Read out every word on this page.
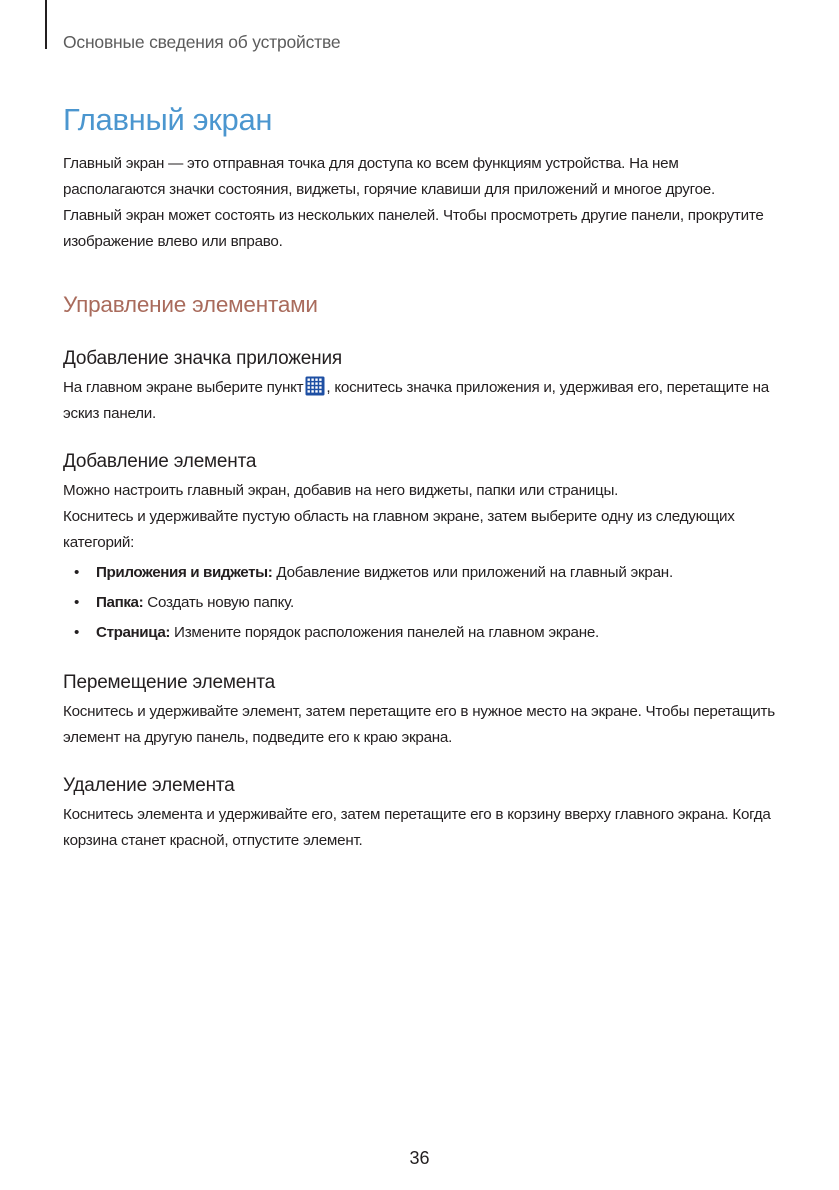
Основные сведения об устройстве
Главный экран

Главный экран — это отправная точка для доступа ко всем функциям устройства. На нем располагаются значки состояния, виджеты, горячие клавиши для приложений и многое другое.

Главный экран может состоять из нескольких панелей. Чтобы просмотреть другие панели, прокрутите изображение влево или вправо.

Управление элементами
Добавление значка приложения

На главном экране выберите пункт , коснитесь значка приложения и, удерживая его, перетащите на эскиз панели.

Добавление элемента

Можно настроить главный экран, добавив на него виджеты, папки или страницы.

Коснитесь и удерживайте пустую область на главном экране, затем выберите одну из следующих категорий:

• Приложения и виджеты: Добавление виджетов или приложений на главный экран.
• Папка: Создать новую папку.
• Страница: Измените порядок расположения панелей на главном экране.
Перемещение элемента

Коснитесь и удерживайте элемент, затем перетащите его в нужное место на экране. Чтобы перетащить элемент на другую панель, подведите его к краю экрана.

Удаление элемента

Коснитесь элемента и удерживайте его, затем перетащите его в корзину вверху главного экрана. Когда корзина станет красной, отпустите элемент.

36
